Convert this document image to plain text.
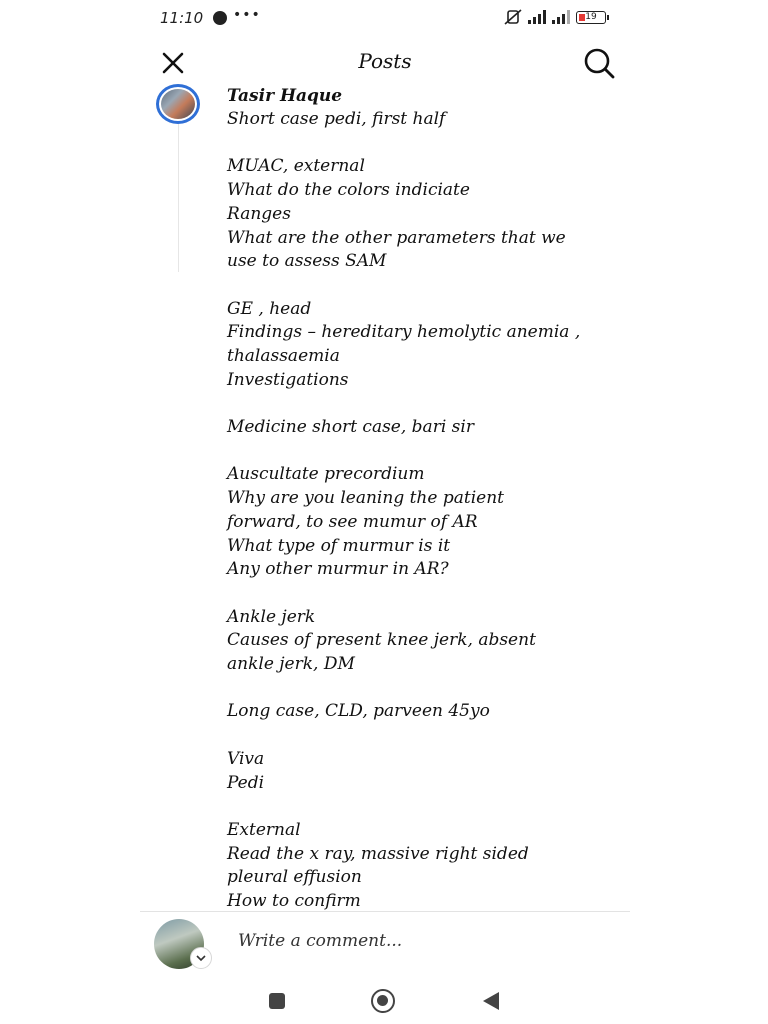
11:10 •••	19
Posts
Tasir Haque
Short case pedi, first half
MUAC, external
What do the colors indiciate
Ranges
What are the other parameters that we
use to assess SAM
GE , head
Findings – hereditary hemolytic anemia ,
thalassaemia
Investigations
Medicine short case, bari sir
Auscultate precordium
Why are you leaning the patient
forward, to see mumur of AR
What type of murmur is it
Any other murmur in AR?
Ankle jerk
Causes of present knee jerk, absent
ankle jerk, DM
Long case, CLD, parveen 45yo
Viva
Pedi
External
Read the x ray, massive right sided
pleural effusion
How to confirm
Write a comment...
